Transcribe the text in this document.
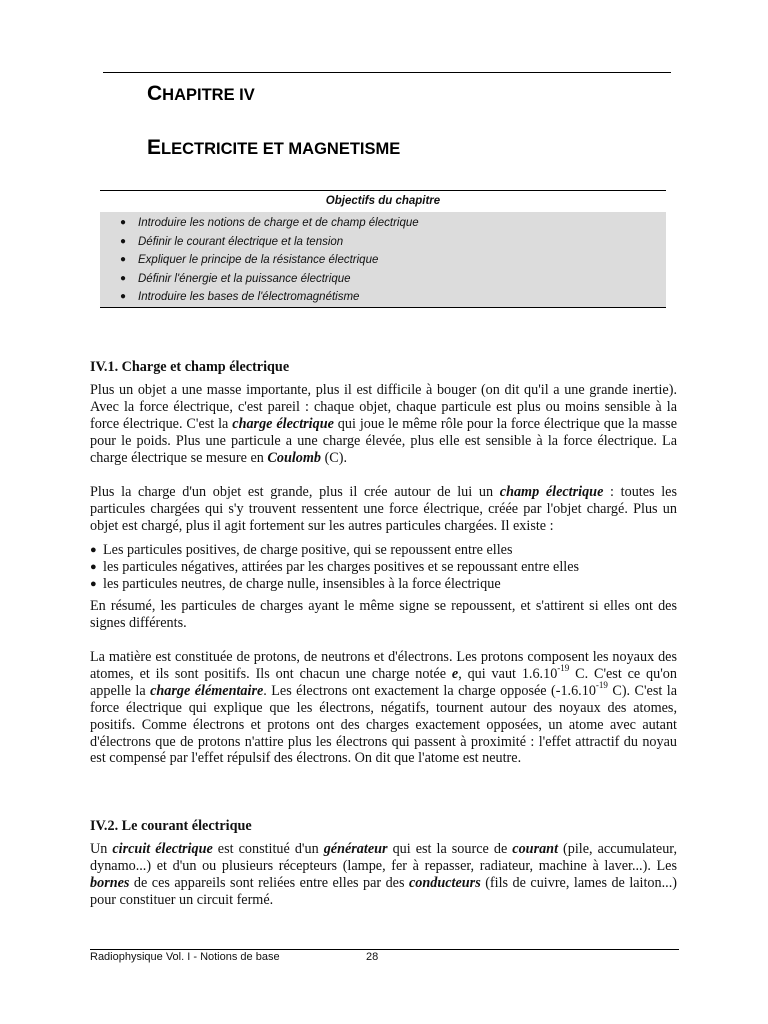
CHAPITRE IV
ELECTRICITE ET MAGNETISME
Objectifs du chapitre
● Introduire les notions de charge et de champ électrique
● Définir le courant électrique et la tension
● Expliquer le principe de la résistance électrique
● Définir l'énergie et la puissance électrique
● Introduire les bases de l'électromagnétisme
IV.1. Charge et champ électrique
Plus un objet a une masse importante, plus il est difficile à bouger (on dit qu'il a une grande inertie). Avec la force électrique, c'est pareil : chaque objet, chaque particule est plus ou moins sensible à la force électrique. C'est la charge électrique qui joue le même rôle pour la force électrique que la masse pour le poids. Plus une particule a une charge élevée, plus elle est sensible à la force électrique. La charge électrique se mesure en Coulomb (C).
Plus la charge d'un objet est grande, plus il crée autour de lui un champ électrique : toutes les particules chargées qui s'y trouvent ressentent une force électrique, créée par l'objet chargé. Plus un objet est chargé, plus il agit fortement sur les autres particules chargées. Il existe :
● Les particules positives, de charge positive, qui se repoussent entre elles
● les particules négatives, attirées par les charges positives et se repoussant entre elles
● les particules neutres, de charge nulle, insensibles à la force électrique
En résumé, les particules de charges ayant le même signe se repoussent, et s'attirent si elles ont des signes différents.
La matière est constituée de protons, de neutrons et d'électrons. Les protons composent les noyaux des atomes, et ils sont positifs. Ils ont chacun une charge notée e, qui vaut $1.6.10^{-19}$ C. C'est ce qu'on appelle la charge élémentaire. Les électrons ont exactement la charge opposée ($-1.6.10^{-19}$ C). C'est la force électrique qui explique que les électrons, négatifs, tournent autour des noyaux des atomes, positifs. Comme électrons et protons ont des charges exactement opposées, un atome avec autant d'électrons que de protons n'attire plus les électrons qui passent à proximité : l'effet attractif du noyau est compensé par l'effet répulsif des électrons. On dit que l'atome est neutre.
IV.2. Le courant électrique
Un circuit électrique est constitué d'un générateur qui est la source de courant (pile, accumulateur, dynamo...) et d'un ou plusieurs récepteurs (lampe, fer à repasser, radiateur, machine à laver...). Les bornes de ces appareils sont reliées entre elles par des conducteurs (fils de cuivre, lames de laiton...) pour constituer un circuit fermé.
Radiophysique Vol. I - Notions de base	28
